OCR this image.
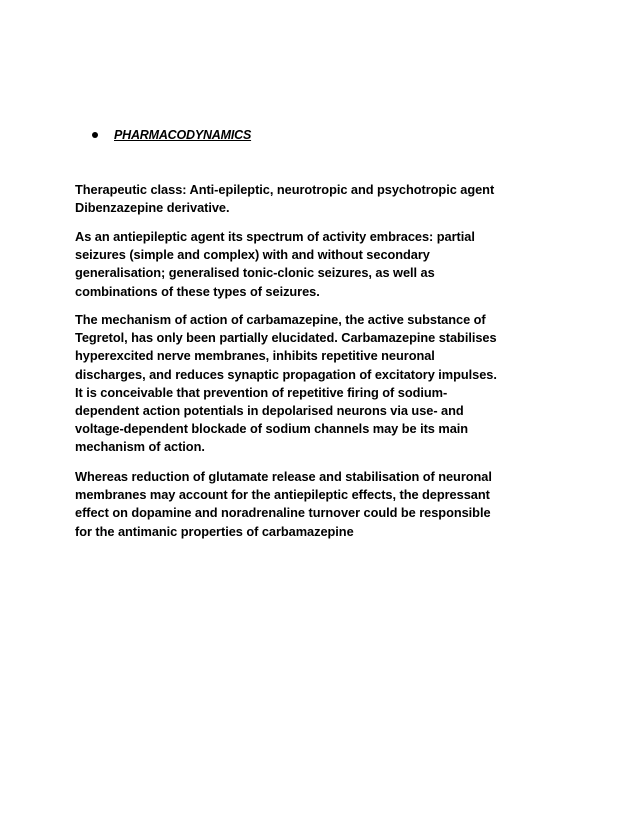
PHARMACODYNAMICS

Therapeutic class: Anti-epileptic, neurotropic and psychotropic agent

Dibenzazepine derivative.

As an antiepileptic agent its spectrum of activity embraces: partial

seizures (simple and complex) with and without secondary

generalisation; generalised tonic-clonic seizures, as well as

combinations of these types of seizures.

The mechanism of action of carbamazepine, the active substance of

Tegretol, has only been partially elucidated. Carbamazepine stabilises

hyperexcited nerve membranes, inhibits repetitive neuronal

discharges, and reduces synaptic propagation of excitatory impulses.

It is conceivable that prevention of repetitive firing of sodium-

dependent action potentials in depolarised neurons via use- and

voltage-dependent blockade of sodium channels may be its main

mechanism of action.

Whereas reduction of glutamate release and stabilisation of neuronal

membranes may account for the antiepileptic effects, the depressant

effect on dopamine and noradrenaline turnover could be responsible

for the antimanic properties of carbamazepine
